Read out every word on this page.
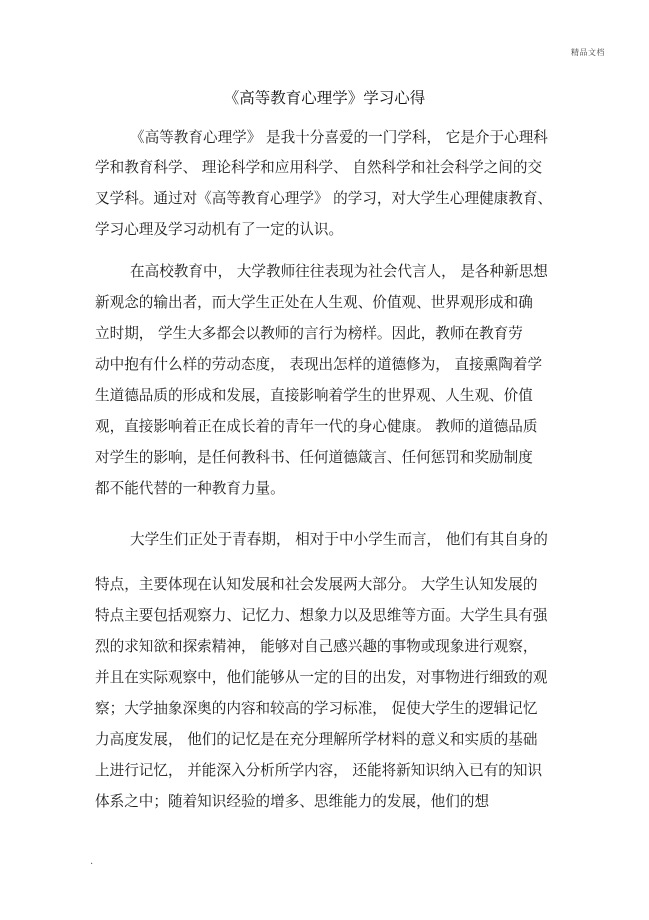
精品文档
《高等教育心理学》学习心得
《高等教育心理学》 是我十分喜爱的一门学科， 它是介于心理科
学和教育科学、 理论科学和应用科学、 自然科学和社会科学之间的交
叉学科。通过对《高等教育心理学》 的学习，对大学生心理健康教育、
学习心理及学习动机有了一定的认识。
在高校教育中， 大学教师往往表现为社会代言人， 是各种新思想
新观念的输出者，而大学生正处在人生观、价值观、世界观形成和确
立时期， 学生大多都会以教师的言行为榜样。因此，教师在教育劳
动中抱有什么样的劳动态度， 表现出怎样的道德修为， 直接熏陶着学
生道德品质的形成和发展，直接影响着学生的世界观、人生观、价值
观，直接影响着正在成长着的青年一代的身心健康。 教师的道德品质
对学生的影响，是任何教科书、任何道德箴言、任何惩罚和奖励制度
都不能代替的一种教育力量。
大学生们正处于青春期， 相对于中小学生而言， 他们有其自身的
特点，主要体现在认知发展和社会发展两大部分。 大学生认知发展的
特点主要包括观察力、记忆力、想象力以及思维等方面。大学生具有强
烈的求知欲和探索精神， 能够对自己感兴趣的事物或现象进行观察，
并且在实际观察中，他们能够从一定的目的出发，对事物进行细致的观
察；大学抽象深奥的内容和较高的学习标准， 促使大学生的逻辑记忆
力高度发展， 他们的记忆是在充分理解所学材料的意义和实质的基础
上进行记忆， 并能深入分析所学内容， 还能将新知识纳入已有的知识
体系之中；随着知识经验的增多、思维能力的发展，他们的想
.
